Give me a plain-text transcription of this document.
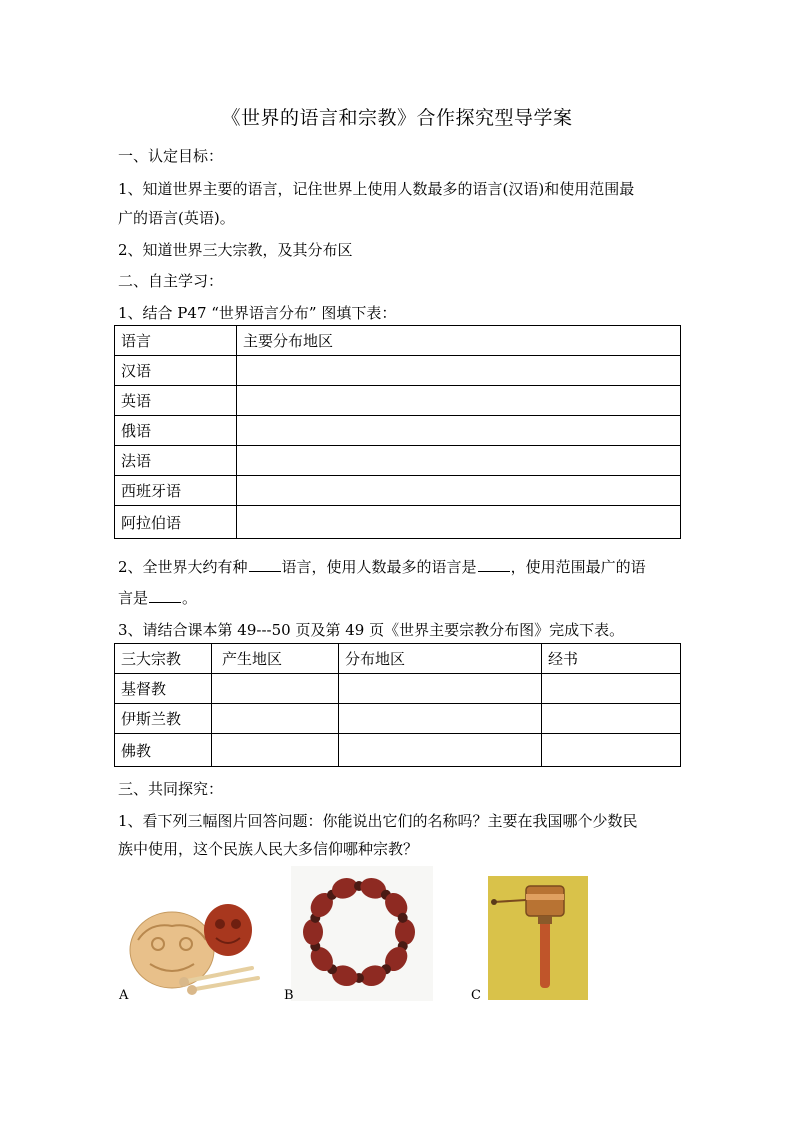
《世界的语言和宗教》合作探究型导学案
一、认定目标：
1、知道世界主要的语言，记住世界上使用人数最多的语言(汉语)和使用范围最
广的语言(英语)。
2、知道世界三大宗教，及其分布区
二、自主学习：
1、结合 P47 “世界语言分布” 图填下表：
语言	主要分布地区
汉语	
英语	
俄语	
法语	
西班牙语	
阿拉伯语	
2、全世界大约有种 语言，使用人数最多的语言是 ，使用范围最广的语
言是 。
3、请结合课本第 49---50 页及第 49 页《世界主要宗教分布图》完成下表。
三大宗教	产生地区	分布地区	经书
基督教			
伊斯兰教			
佛教			
三、共同探究：
1、看下列三幅图片回答问题：你能说出它们的名称吗？主要在我国哪个少数民
族中使用，这个民族人民大多信仰哪种宗教？
A	B	C
